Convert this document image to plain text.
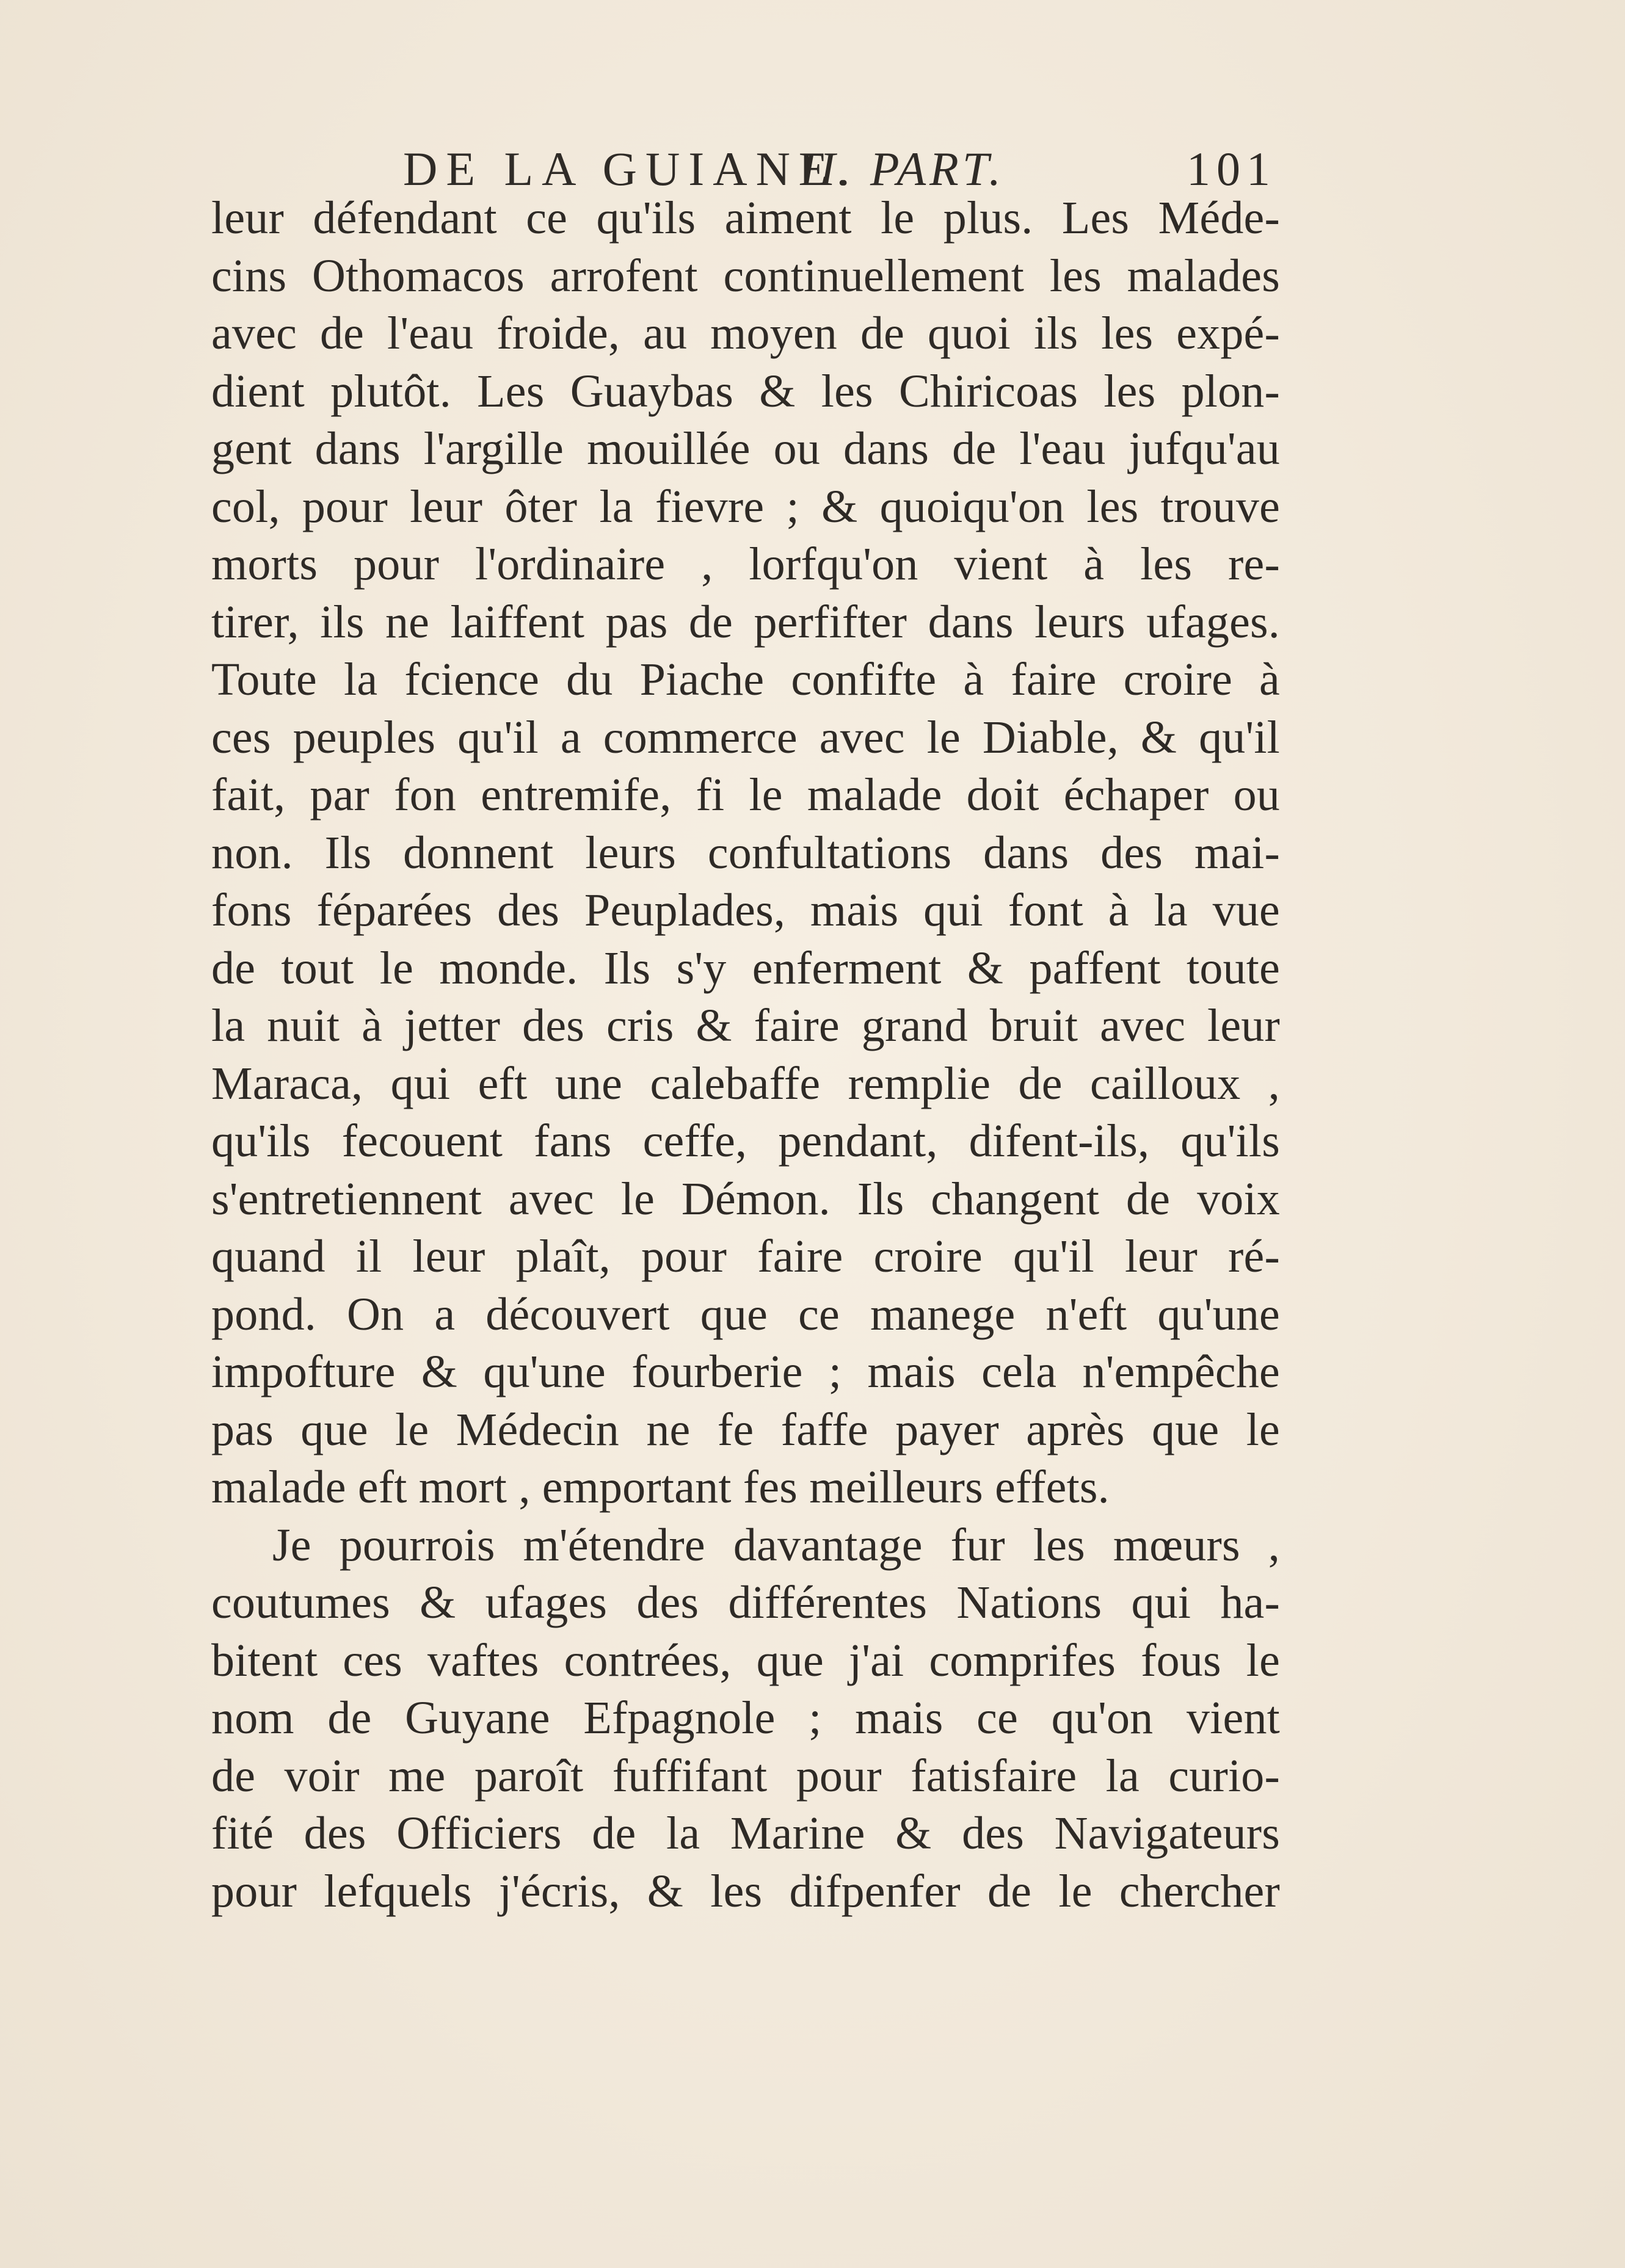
DE LA GUIANE.
II. PART.	101
leur défendant ce qu'ils aiment le plus. Les Méde-
cins Othomacos arrofent continuellement les malades
avec de l'eau froide, au moyen de quoi ils les expé-
dient plutôt. Les Guaybas & les Chiricoas les plon-
gent dans l'argille mouillée ou dans de l'eau jufqu'au
col, pour leur ôter la fievre ; & quoiqu'on les trouve
morts pour l'ordinaire , lorfqu'on vient à les re-
tirer, ils ne laiffent pas de perfifter dans leurs ufages.
Toute la fcience du Piache confifte à faire croire à
ces peuples qu'il a commerce avec le Diable, & qu'il
fait, par fon entremife, fi le malade doit échaper ou
non. Ils donnent leurs confultations dans des mai-
fons féparées des Peuplades, mais qui font à la vue
de tout le monde. Ils s'y enferment & paffent toute
la nuit à jetter des cris & faire grand bruit avec leur
Maraca, qui eft une calebaffe remplie de cailloux ,
qu'ils fecouent fans ceffe, pendant, difent-ils, qu'ils
s'entretiennent avec le Démon. Ils changent de voix
quand il leur plaît, pour faire croire qu'il leur ré-
pond. On a découvert que ce manege n'eft qu'une
impofture & qu'une fourberie ; mais cela n'empêche
pas que le Médecin ne fe faffe payer après que le
malade eft mort , emportant fes meilleurs effets.
Je pourrois m'étendre davantage fur les mœurs ,
coutumes & ufages des différentes Nations qui ha-
bitent ces vaftes contrées, que j'ai comprifes fous le
nom de Guyane Efpagnole ; mais ce qu'on vient
de voir me paroît fuffifant pour fatisfaire la curio-
fité des Officiers de la Marine & des Navigateurs
pour lefquels j'écris, & les difpenfer de le chercher
